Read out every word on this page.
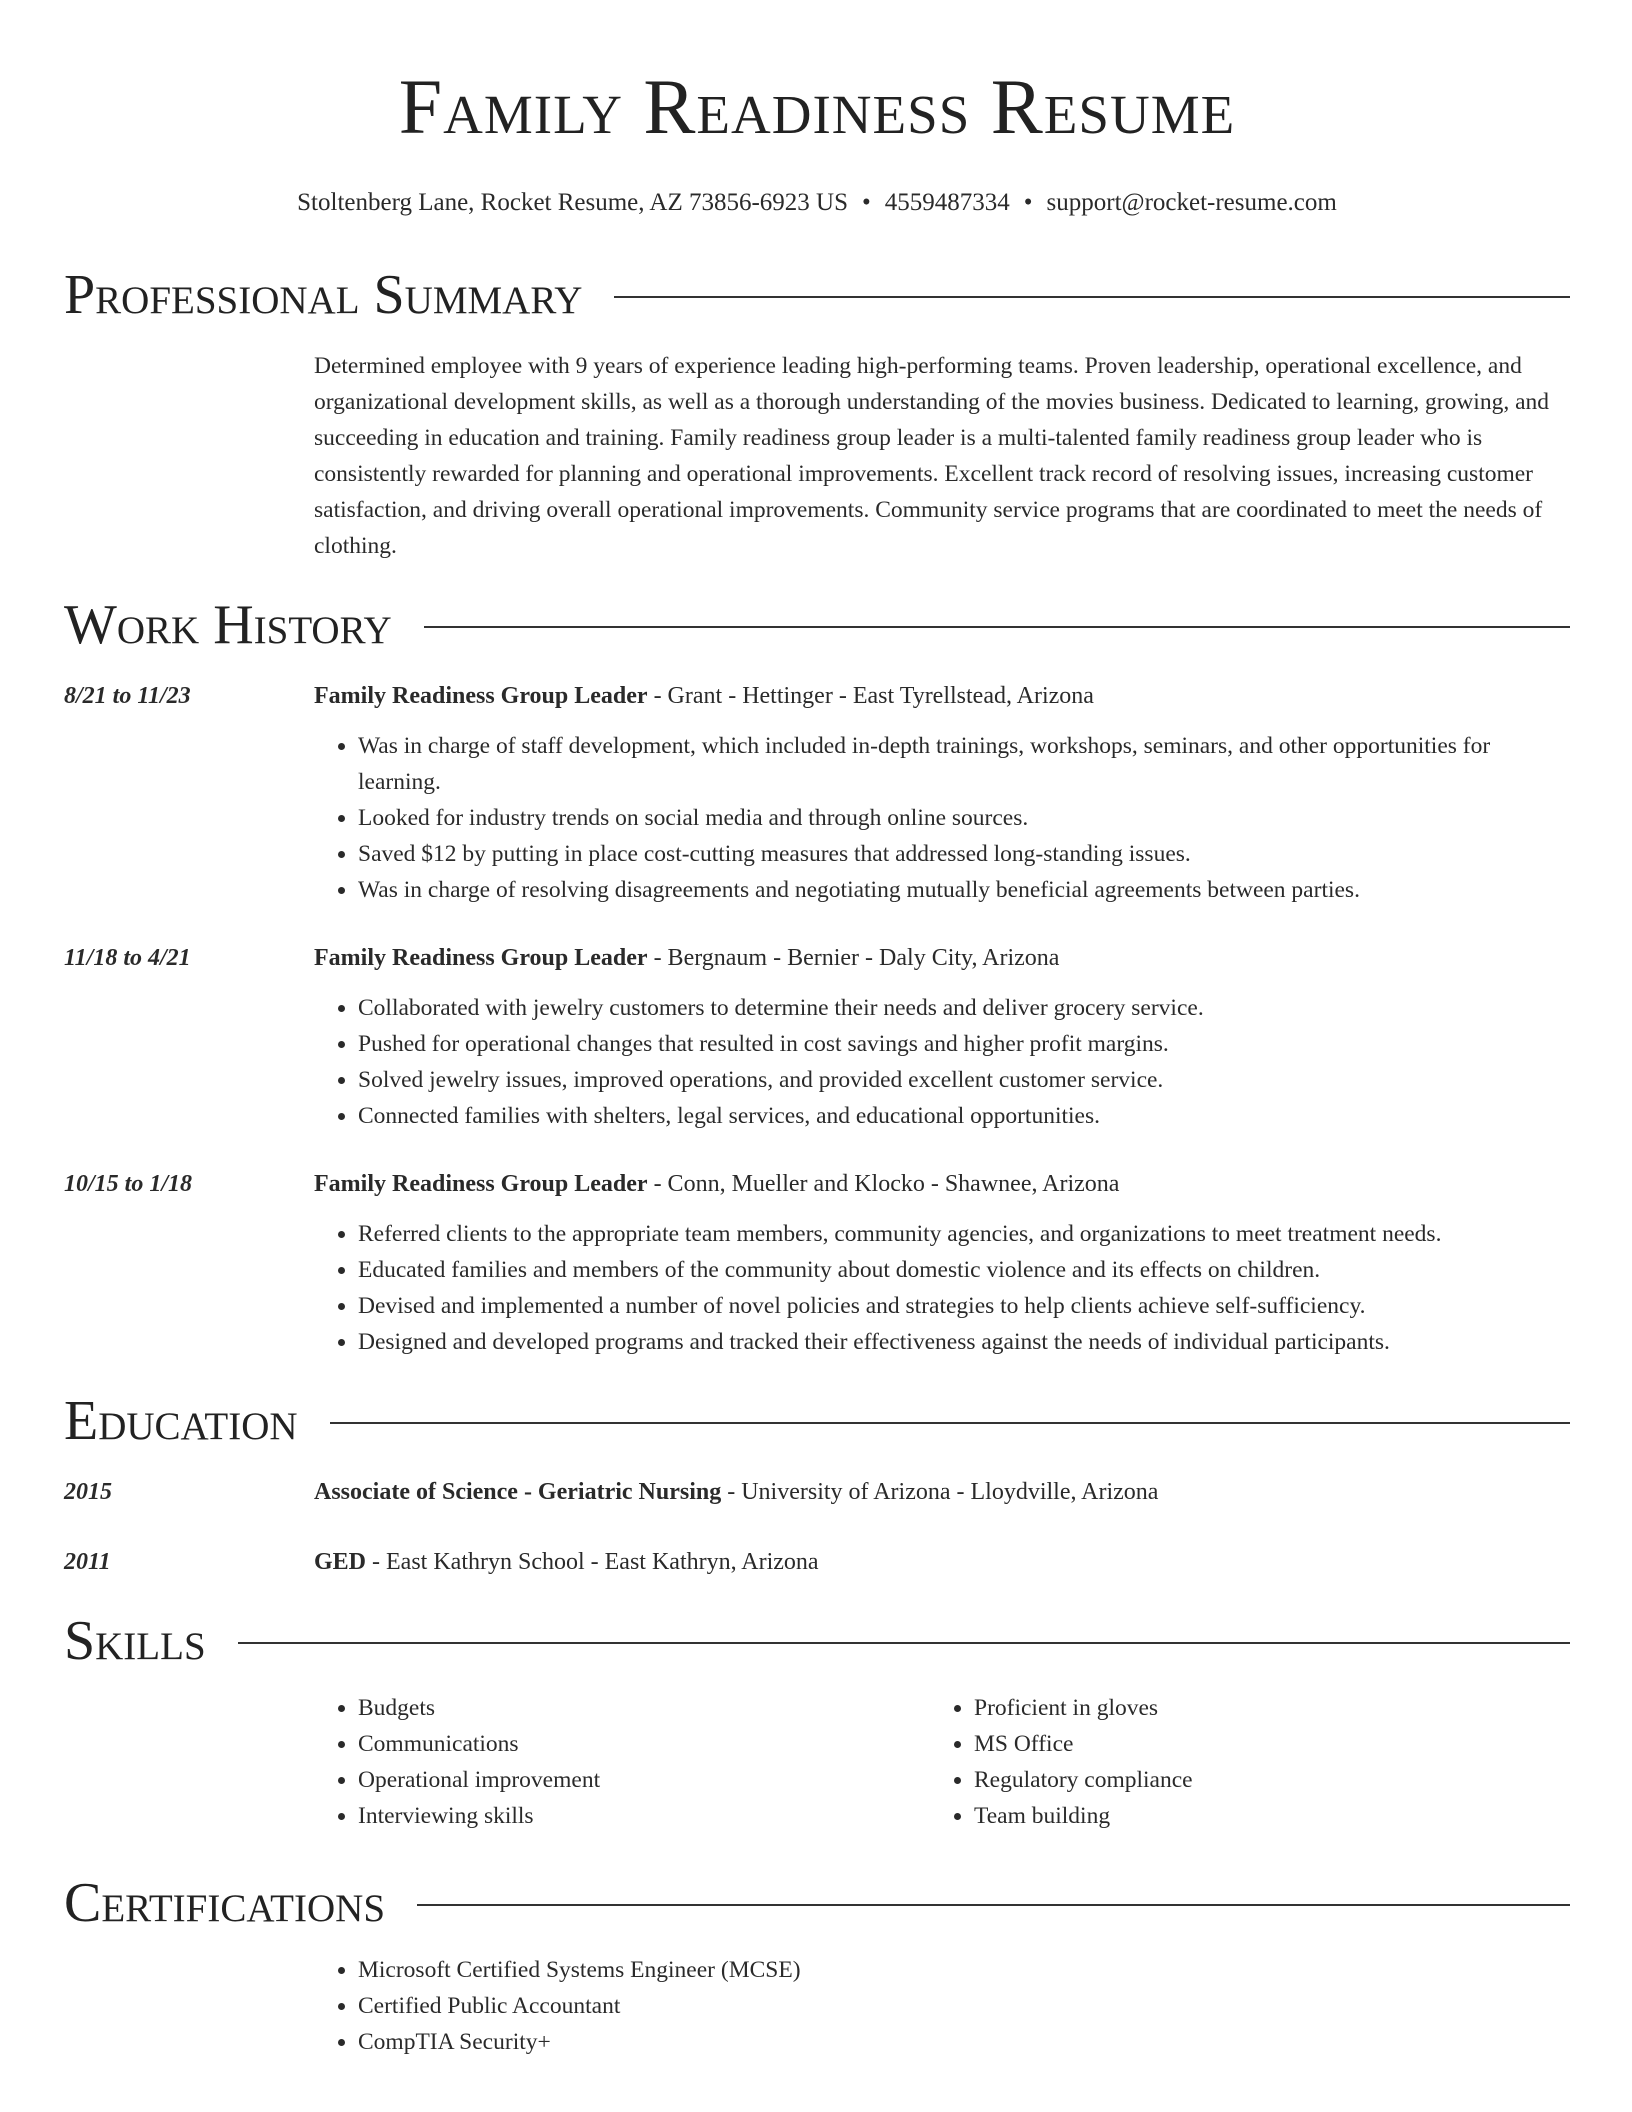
Family Readiness Resume
Stoltenberg Lane, Rocket Resume, AZ 73856-6923 US • 4559487334 • support@rocket-resume.com
Professional Summary
Determined employee with 9 years of experience leading high-performing teams. Proven leadership, operational excellence, and organizational development skills, as well as a thorough understanding of the movies business. Dedicated to learning, growing, and succeeding in education and training. Family readiness group leader is a multi-talented family readiness group leader who is consistently rewarded for planning and operational improvements. Excellent track record of resolving issues, increasing customer satisfaction, and driving overall operational improvements. Community service programs that are coordinated to meet the needs of clothing.
Work History
8/21 to 11/23	Family Readiness Group Leader - Grant - Hettinger - East Tyrellstead, Arizona
• Was in charge of staff development, which included in-depth trainings, workshops, seminars, and other opportunities for learning.
• Looked for industry trends on social media and through online sources.
• Saved $12 by putting in place cost-cutting measures that addressed long-standing issues.
• Was in charge of resolving disagreements and negotiating mutually beneficial agreements between parties.
11/18 to 4/21	Family Readiness Group Leader - Bergnaum - Bernier - Daly City, Arizona
• Collaborated with jewelry customers to determine their needs and deliver grocery service.
• Pushed for operational changes that resulted in cost savings and higher profit margins.
• Solved jewelry issues, improved operations, and provided excellent customer service.
• Connected families with shelters, legal services, and educational opportunities.
10/15 to 1/18	Family Readiness Group Leader - Conn, Mueller and Klocko - Shawnee, Arizona
• Referred clients to the appropriate team members, community agencies, and organizations to meet treatment needs.
• Educated families and members of the community about domestic violence and its effects on children.
• Devised and implemented a number of novel policies and strategies to help clients achieve self-sufficiency.
• Designed and developed programs and tracked their effectiveness against the needs of individual participants.
Education
2015	Associate of Science - Geriatric Nursing - University of Arizona - Lloydville, Arizona
2011	GED - East Kathryn School - East Kathryn, Arizona
Skills
• Budgets
• Communications
• Operational improvement
• Interviewing skills
• Proficient in gloves
• MS Office
• Regulatory compliance
• Team building
Certifications
• Microsoft Certified Systems Engineer (MCSE)
• Certified Public Accountant
• CompTIA Security+
